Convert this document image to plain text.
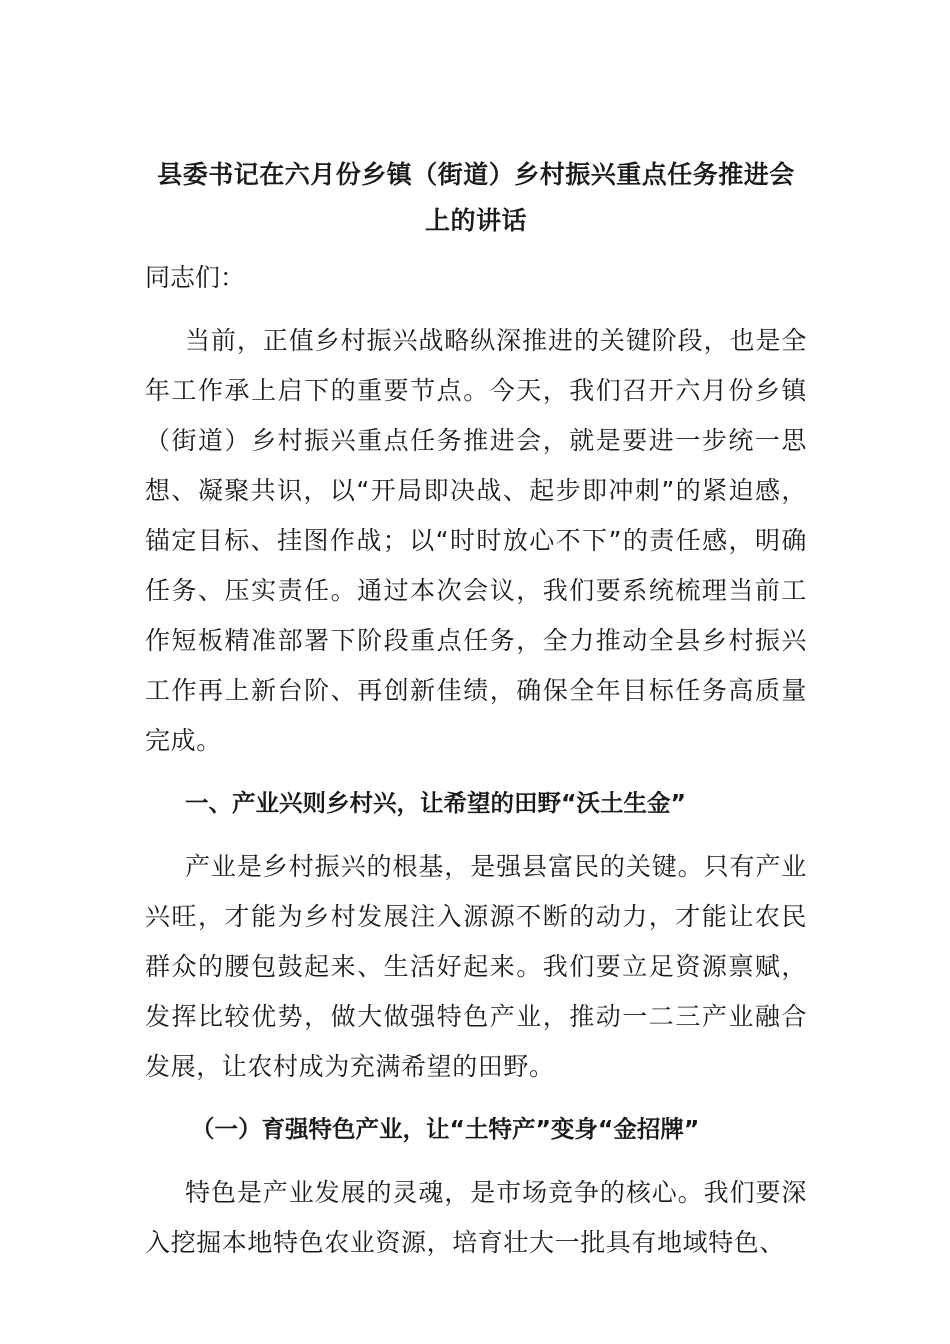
县委书记在六月份乡镇（街道）乡村振兴重点任务推进会
上的讲话

同志们：

当前，正值乡村振兴战略纵深推进的关键阶段，也是全年工作承上启下的重要节点。今天，我们召开六月份乡镇（街道）乡村振兴重点任务推进会，就是要进一步统一思想、凝聚共识，以“开局即决战、起步即冲刺”的紧迫感，锚定目标、挂图作战；以“时时放心不下”的责任感，明确任务、压实责任。通过本次会议，我们要系统梳理当前工作短板精准部署下阶段重点任务，全力推动全县乡村振兴工作再上新台阶、再创新佳绩，确保全年目标任务高质量完成。

一、产业兴则乡村兴，让希望的田野“沃土生金”

产业是乡村振兴的根基，是强县富民的关键。只有产业兴旺，才能为乡村发展注入源源不断的动力，才能让农民群众的腰包鼓起来、生活好起来。我们要立足资源禀赋，发挥比较优势，做大做强特色产业，推动一二三产业融合发展，让农村成为充满希望的田野。

（一）育强特色产业，让“土特产”变身“金招牌”

特色是产业发展的灵魂，是市场竞争的核心。我们要深入挖掘本地特色农业资源，培育壮大一批具有地域特色、
